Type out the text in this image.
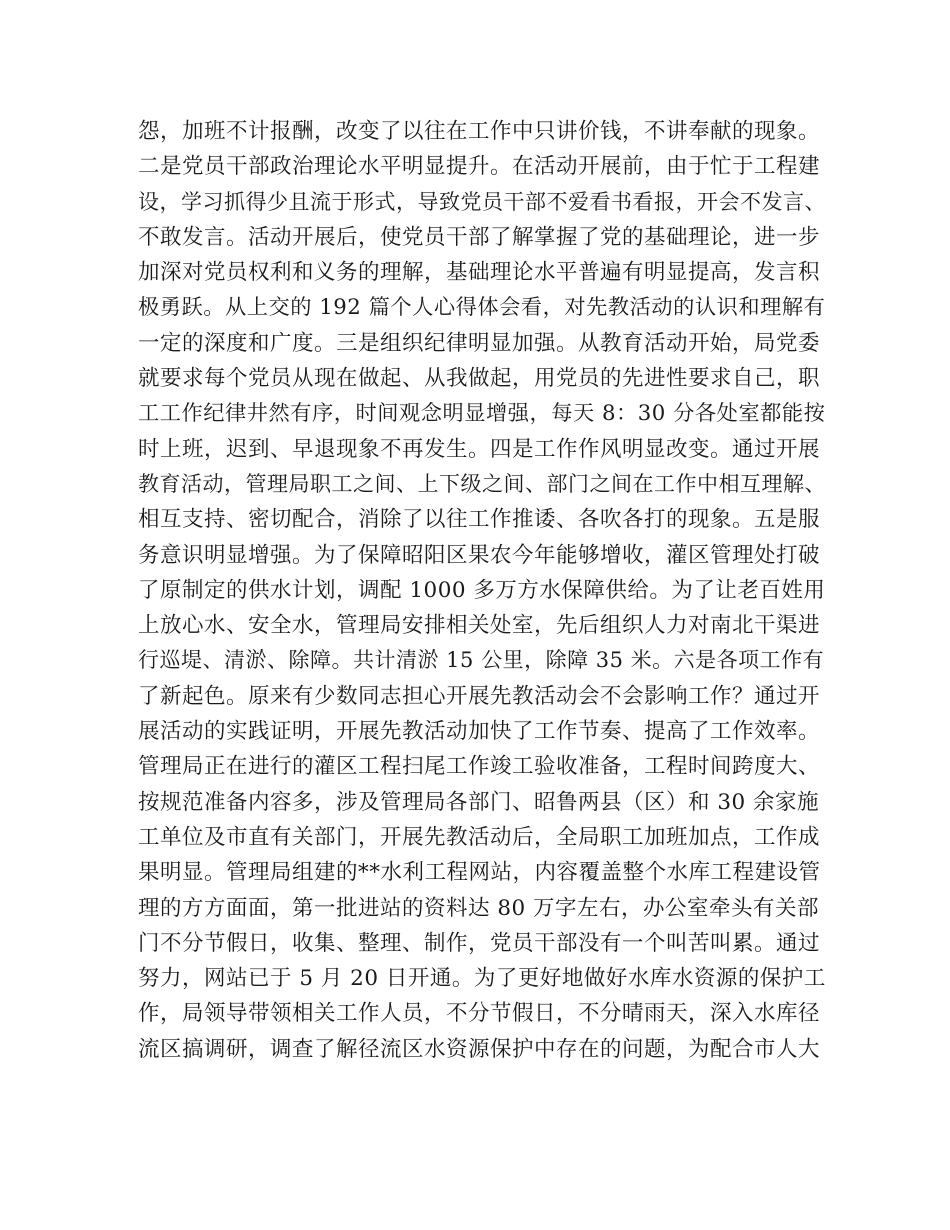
怨，加班不计报酬，改变了以往在工作中只讲价钱，不讲奉献的现象。
二是党员干部政治理论水平明显提升。在活动开展前，由于忙于工程建
设，学习抓得少且流于形式，导致党员干部不爱看书看报，开会不发言、
不敢发言。活动开展后，使党员干部了解掌握了党的基础理论，进一步
加深对党员权利和义务的理解，基础理论水平普遍有明显提高，发言积
极勇跃。从上交的 192 篇个人心得体会看，对先教活动的认识和理解有
一定的深度和广度。三是组织纪律明显加强。从教育活动开始，局党委
就要求每个党员从现在做起、从我做起，用党员的先进性要求自己，职
工工作纪律井然有序，时间观念明显增强，每天 8：30 分各处室都能按
时上班，迟到、早退现象不再发生。四是工作作风明显改变。通过开展
教育活动，管理局职工之间、上下级之间、部门之间在工作中相互理解、
相互支持、密切配合，消除了以往工作推诿、各吹各打的现象。五是服
务意识明显增强。为了保障昭阳区果农今年能够增收，灌区管理处打破
了原制定的供水计划，调配 1000 多万方水保障供给。为了让老百姓用
上放心水、安全水，管理局安排相关处室，先后组织人力对南北干渠进
行巡堤、清淤、除障。共计清淤 15 公里，除障 35 米。六是各项工作有
了新起色。原来有少数同志担心开展先教活动会不会影响工作？通过开
展活动的实践证明，开展先教活动加快了工作节奏、提高了工作效率。
管理局正在进行的灌区工程扫尾工作竣工验收准备，工程时间跨度大、
按规范准备内容多，涉及管理局各部门、昭鲁两县（区）和 30 余家施
工单位及市直有关部门，开展先教活动后，全局职工加班加点，工作成
果明显。管理局组建的**水利工程网站，内容覆盖整个水库工程建设管
理的方方面面，第一批进站的资料达 80 万字左右，办公室牵头有关部
门不分节假日，收集、整理、制作，党员干部没有一个叫苦叫累。通过
努力，网站已于 5 月 20 日开通。为了更好地做好水库水资源的保护工
作，局领导带领相关工作人员，不分节假日，不分晴雨天，深入水库径
流区搞调研，调查了解径流区水资源保护中存在的问题，为配合市人大
